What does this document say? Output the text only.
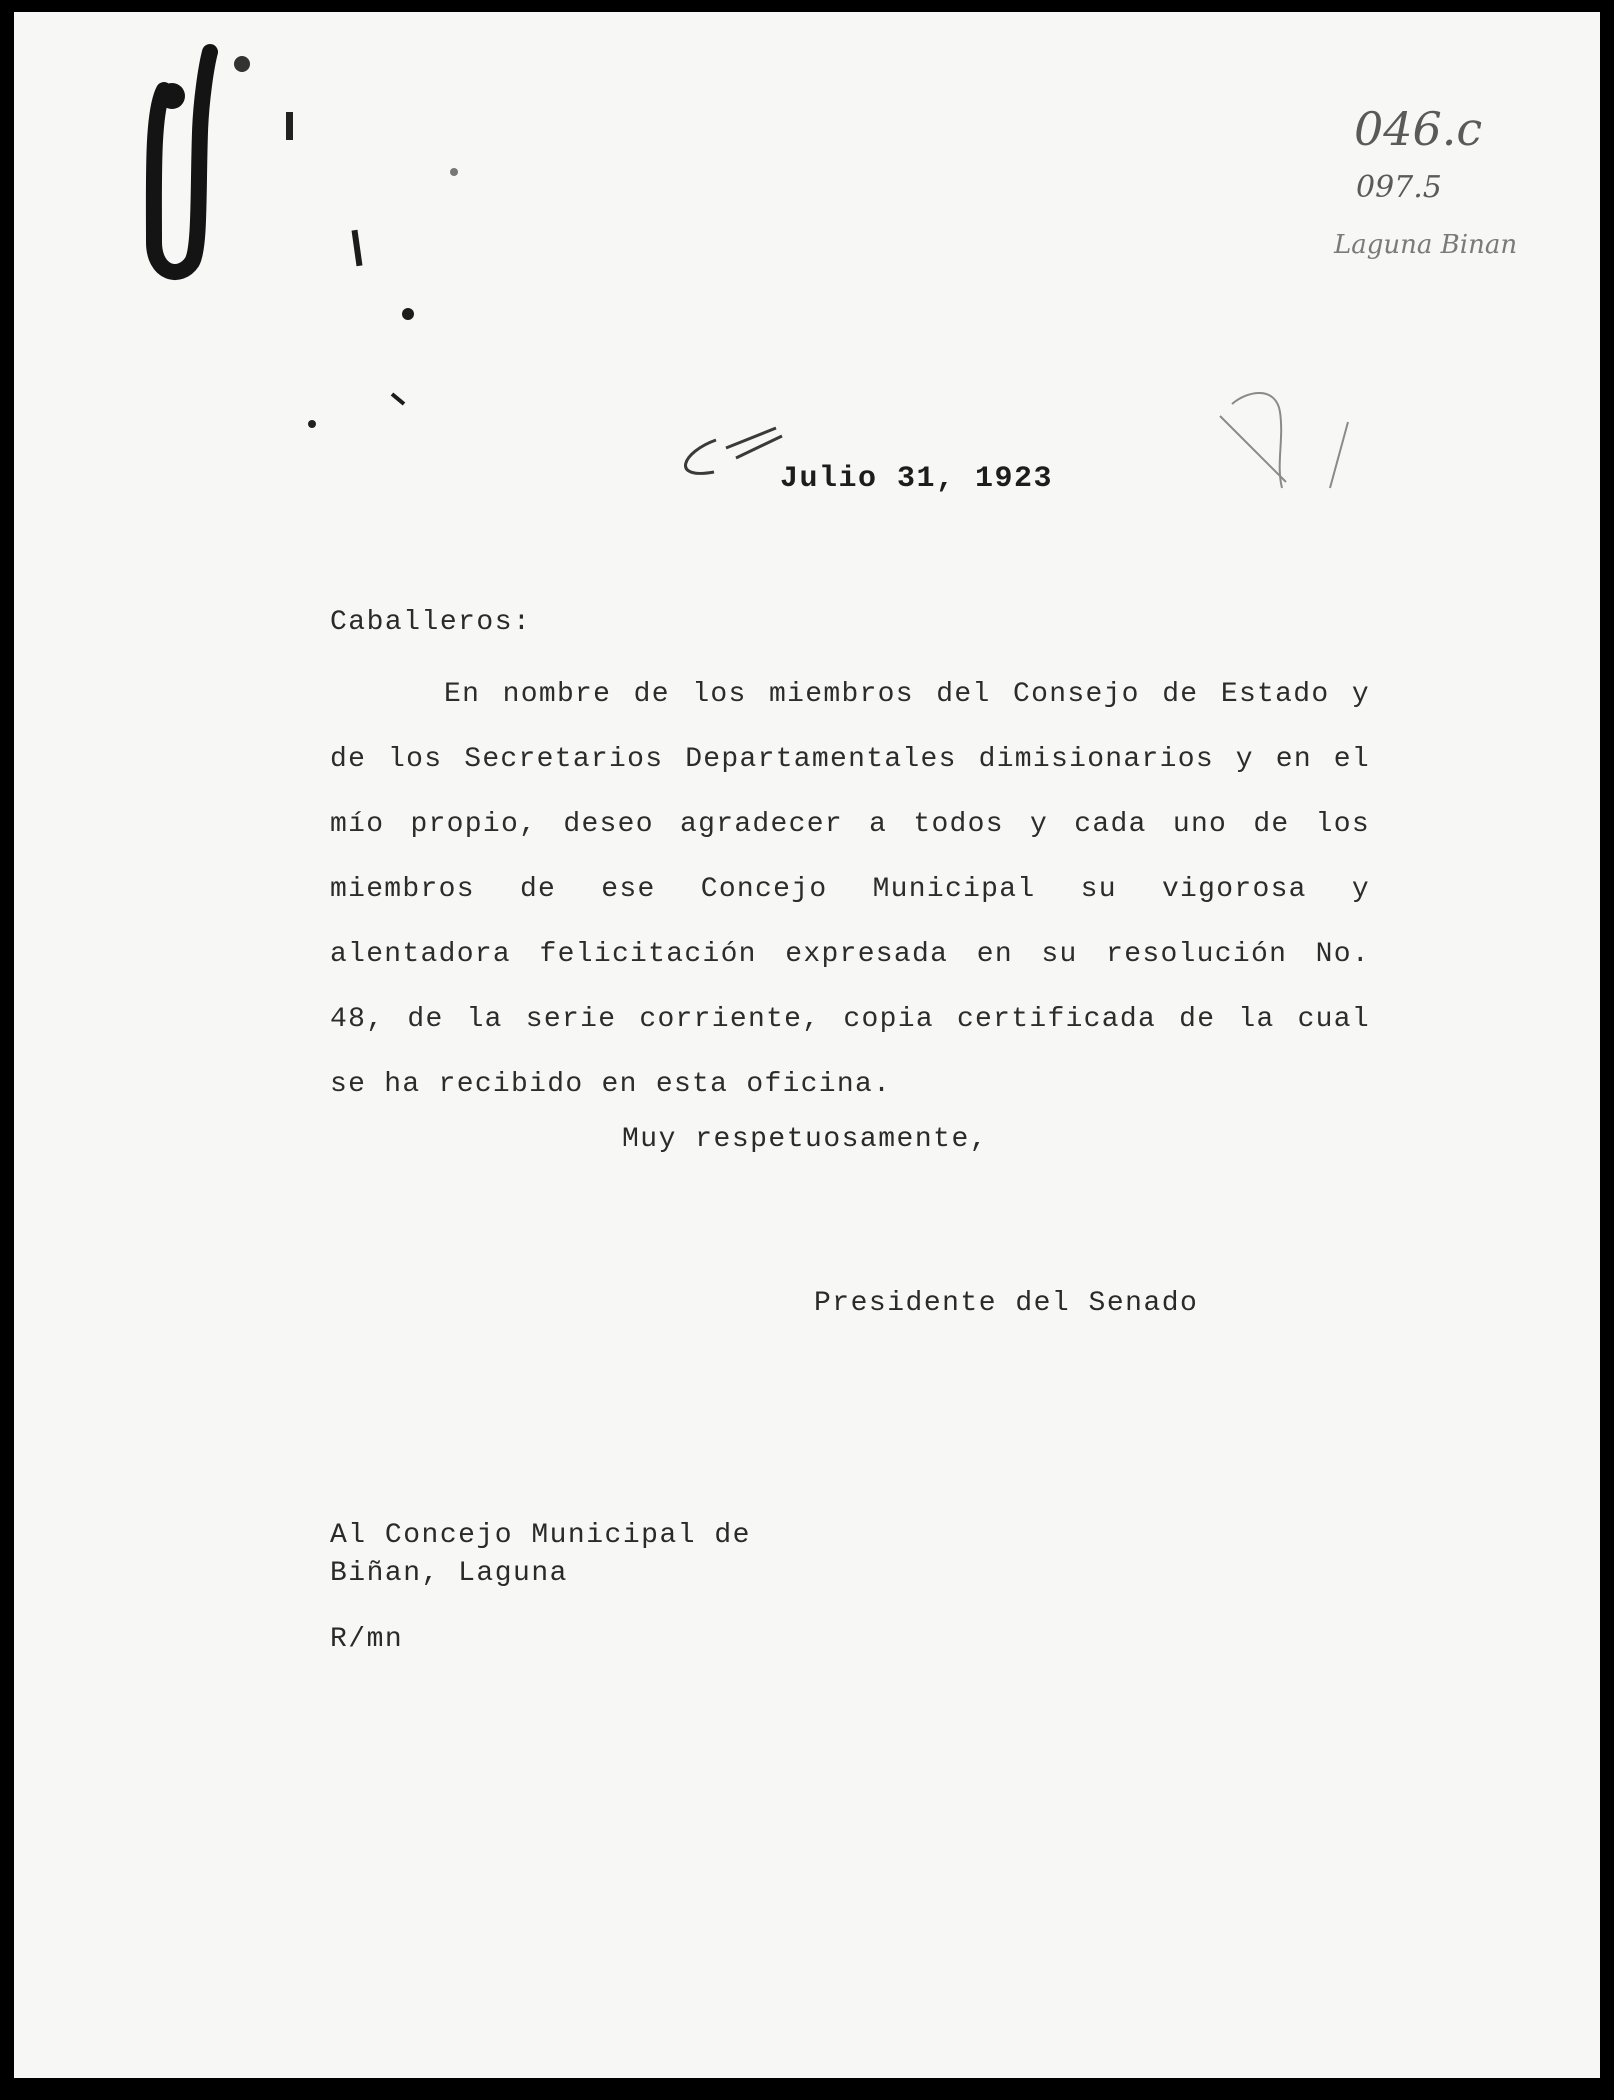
046.c

097.5

Laguna Binan

Julio 31, 1923

Caballeros:

En nombre de los miembros del Consejo de Estado y de los Secretarios Departamentales dimisionarios y en el mío propio, deseo agradecer a todos y cada uno de los miembros de ese Concejo Municipal su vigorosa y alentadora felicitación expresada en su resolución No. 48, de la serie corriente, copia certificada de la cual se ha recibido en esta oficina.

Muy respetuosamente,

Presidente del Senado

Al Concejo Municipal de

Biñan, Laguna

R/mn
